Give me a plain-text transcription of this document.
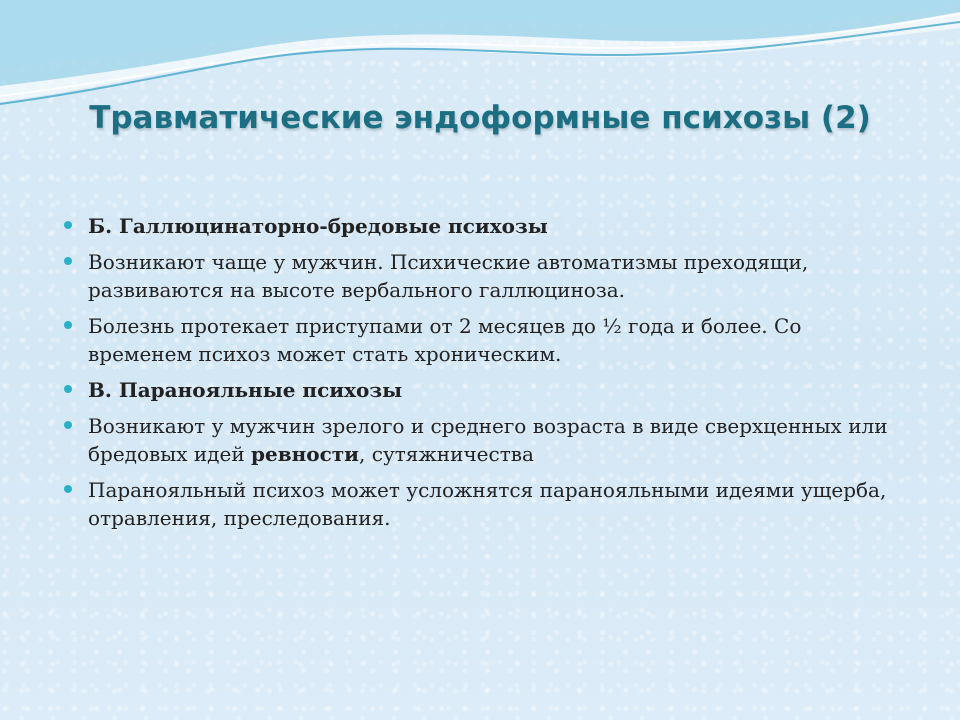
Травматические эндоформные психозы (2)
Б. Галлюцинаторно-бредовые психозы
Возникают чаще у мужчин. Психические автоматизмы преходящи, развиваются на высоте вербального галлюциноза.
Болезнь протекает приступами от 2 месяцев до ½ года и более. Со временем психоз может стать хроническим.
В. Паранояльные психозы
Возникают у мужчин зрелого и среднего возраста в виде сверхценных или бредовых идей ревности, сутяжничества
Паранояльный психоз может усложнятся паранояльными идеями ущерба, отравления, преследования.
